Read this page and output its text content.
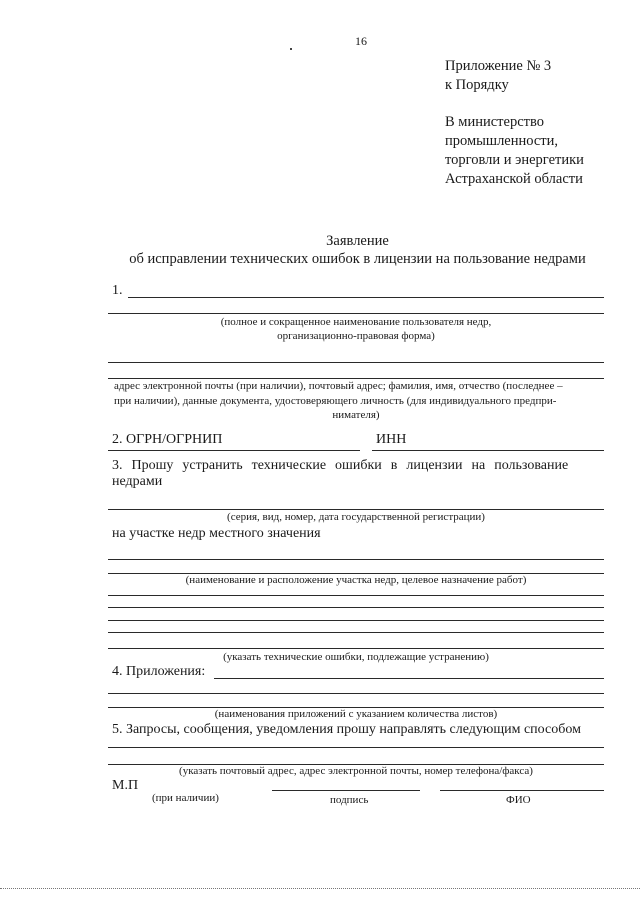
16
Приложение № 3
к Порядку
В министерство
промышленности,
торговли и энергетики
Астраханской области
Заявление
об исправлении технических ошибок в лицензии на пользование недрами
1.
(полное и сокращенное наименование пользователя недр,
организационно-правовая форма)
адрес электронной почты (при наличии), почтовый адрес; фамилия, имя, отчество (последнее –
при наличии), данные документа, удостоверяющего личность (для индивидуального предпри-
нимателя)
2. ОГРН/ОГРНИП	ИНН
3. Прошу устранить технические ошибки в лицензии на пользование
недрами
(серия, вид, номер, дата государственной регистрации)
на участке недр местного значения
(наименование и расположение участка недр, целевое назначение работ)
(указать технические ошибки, подлежащие устранению)
4. Приложения:
(наименования приложений с указанием количества листов)
5. Запросы, сообщения, уведомления прошу направлять следующим способом
(указать почтовый адрес, адрес электронной почты, номер телефона/факса)
М.П
(при наличии)	подпись	ФИО
